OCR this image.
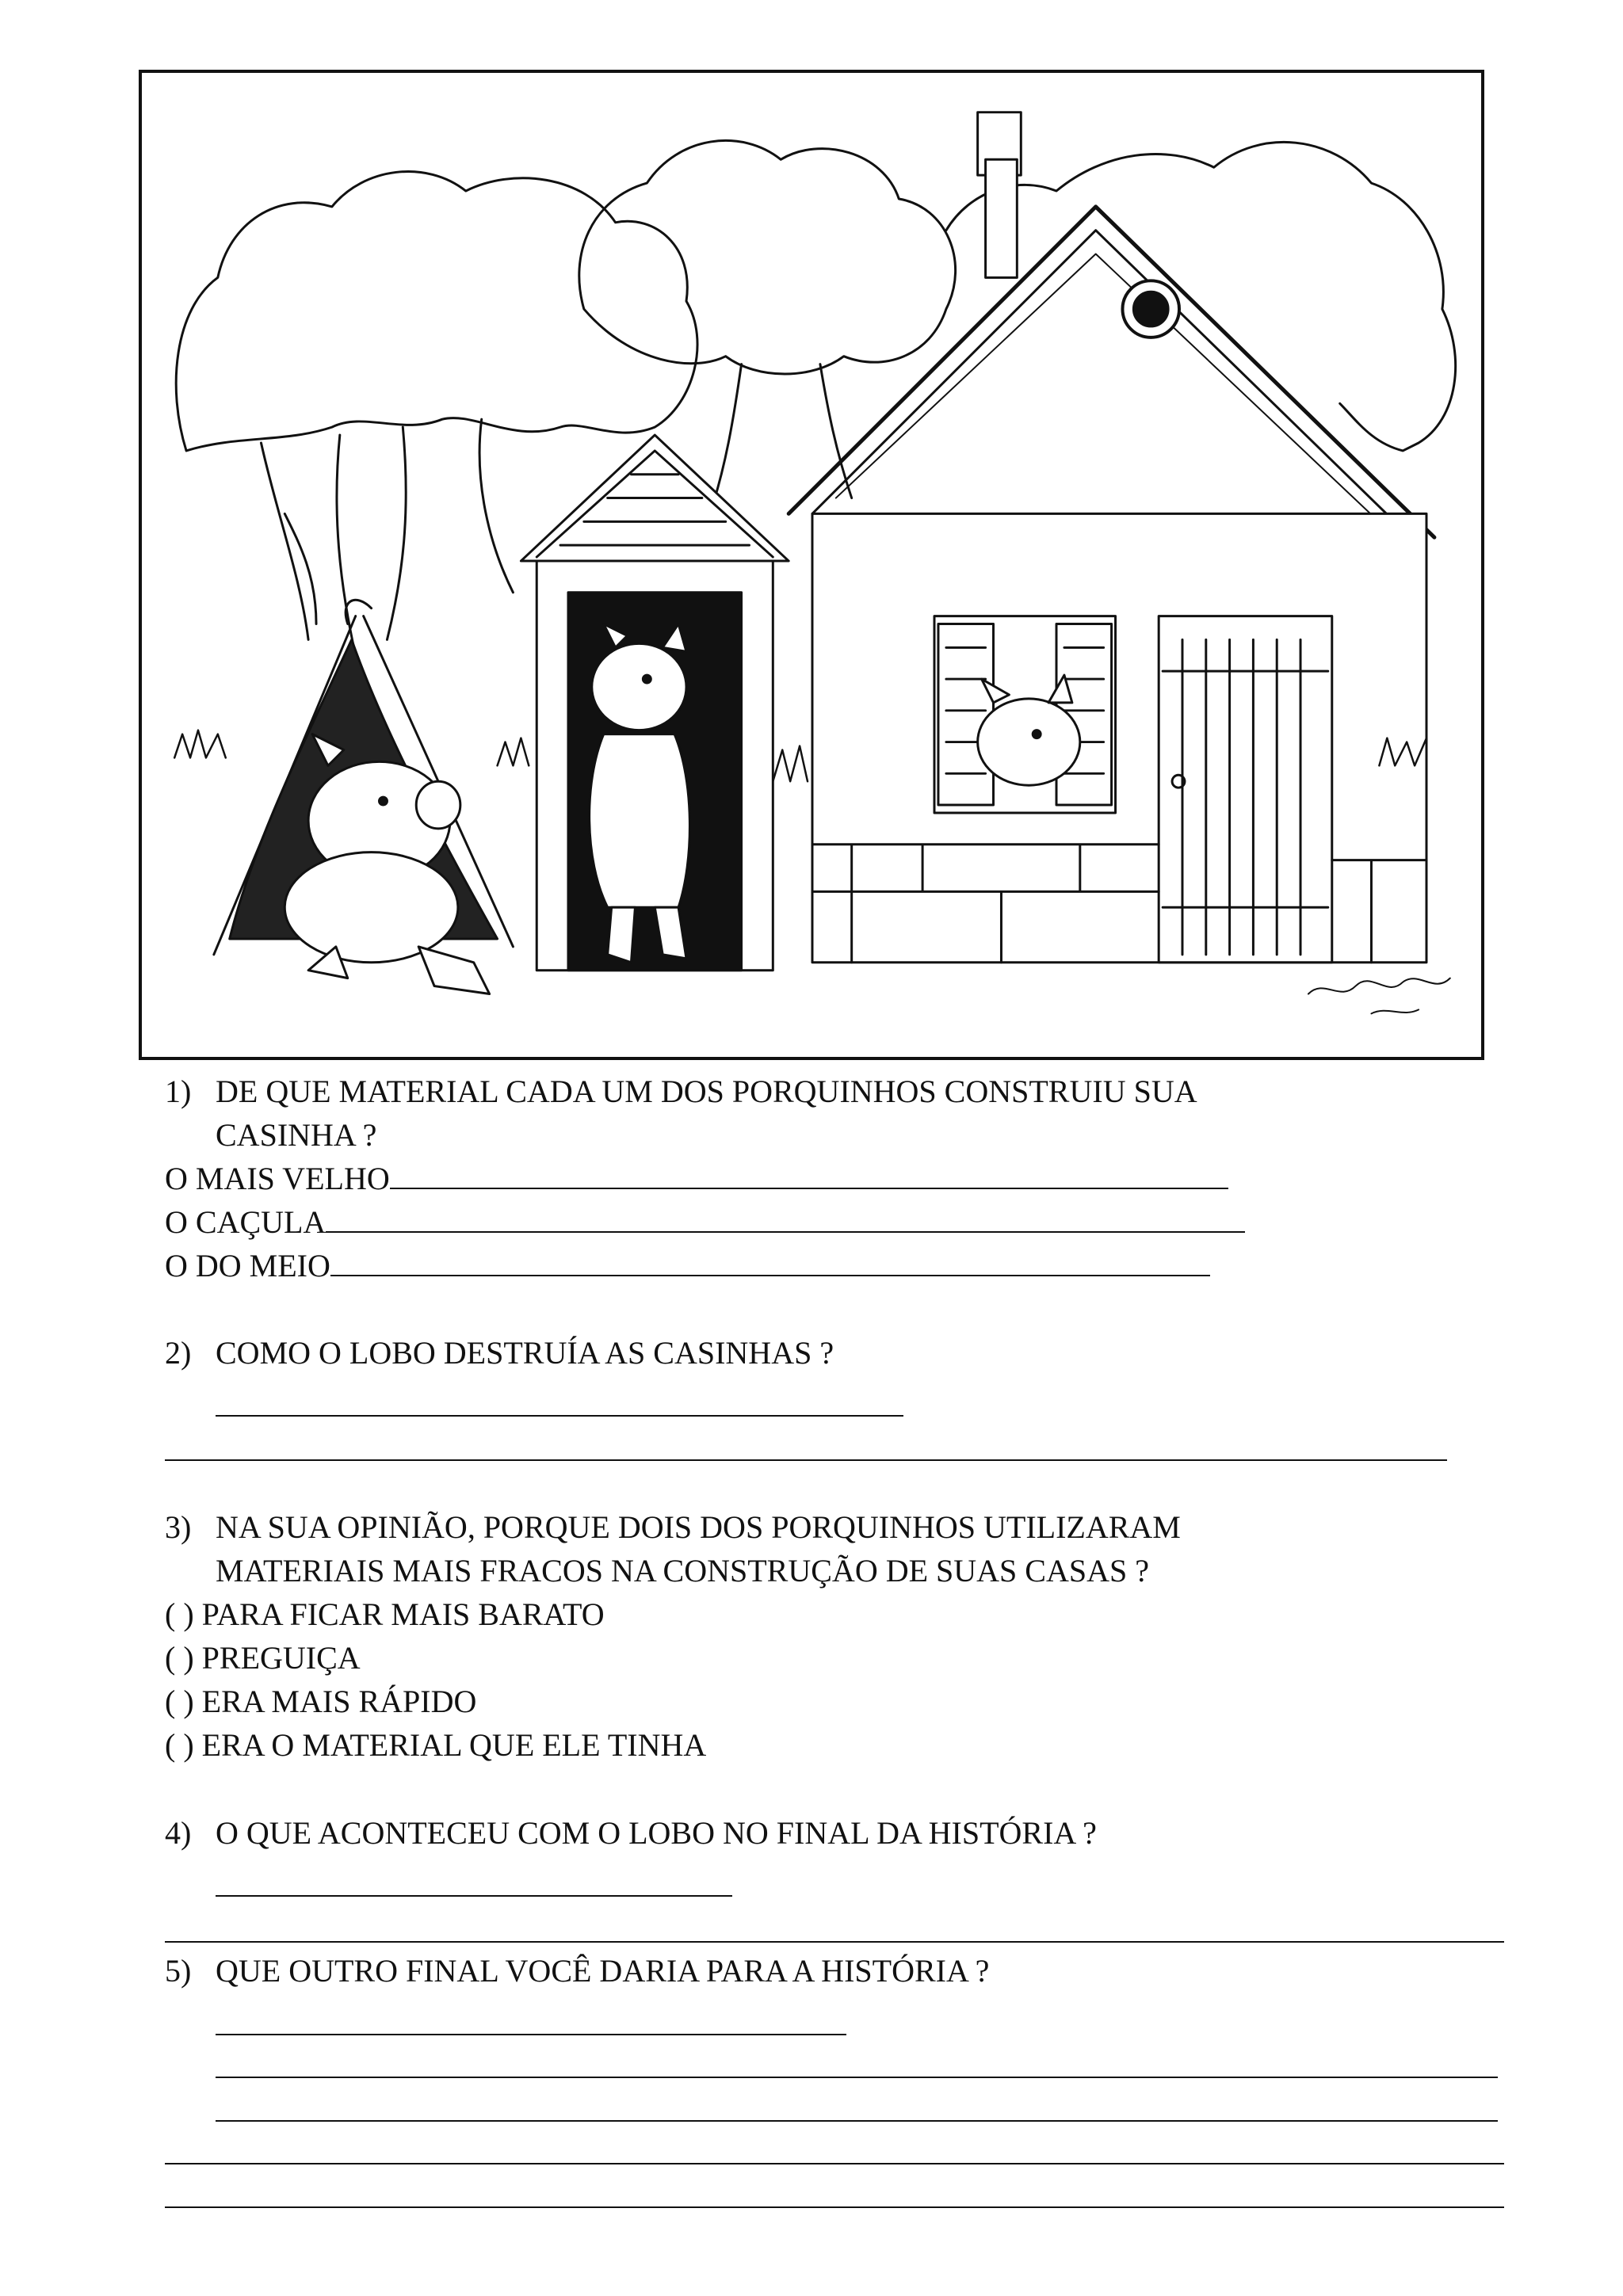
1) DE QUE MATERIAL CADA UM DOS PORQUINHOS CONSTRUIU SUA
CASINHA ?
O MAIS VELHO
O CAÇULA
O DO MEIO
2) COMO O LOBO DESTRUÍA AS CASINHAS ?
3) NA SUA OPINIÃO, PORQUE DOIS DOS PORQUINHOS UTILIZARAM
MATERIAIS MAIS FRACOS NA CONSTRUÇÃO DE SUAS CASAS ?
( ) PARA FICAR MAIS BARATO
( ) PREGUIÇA
( ) ERA MAIS RÁPIDO
( ) ERA O MATERIAL QUE ELE TINHA
4) O QUE ACONTECEU COM O LOBO NO FINAL DA HISTÓRIA ?
5) QUE OUTRO FINAL VOCÊ DARIA PARA A HISTÓRIA ?
